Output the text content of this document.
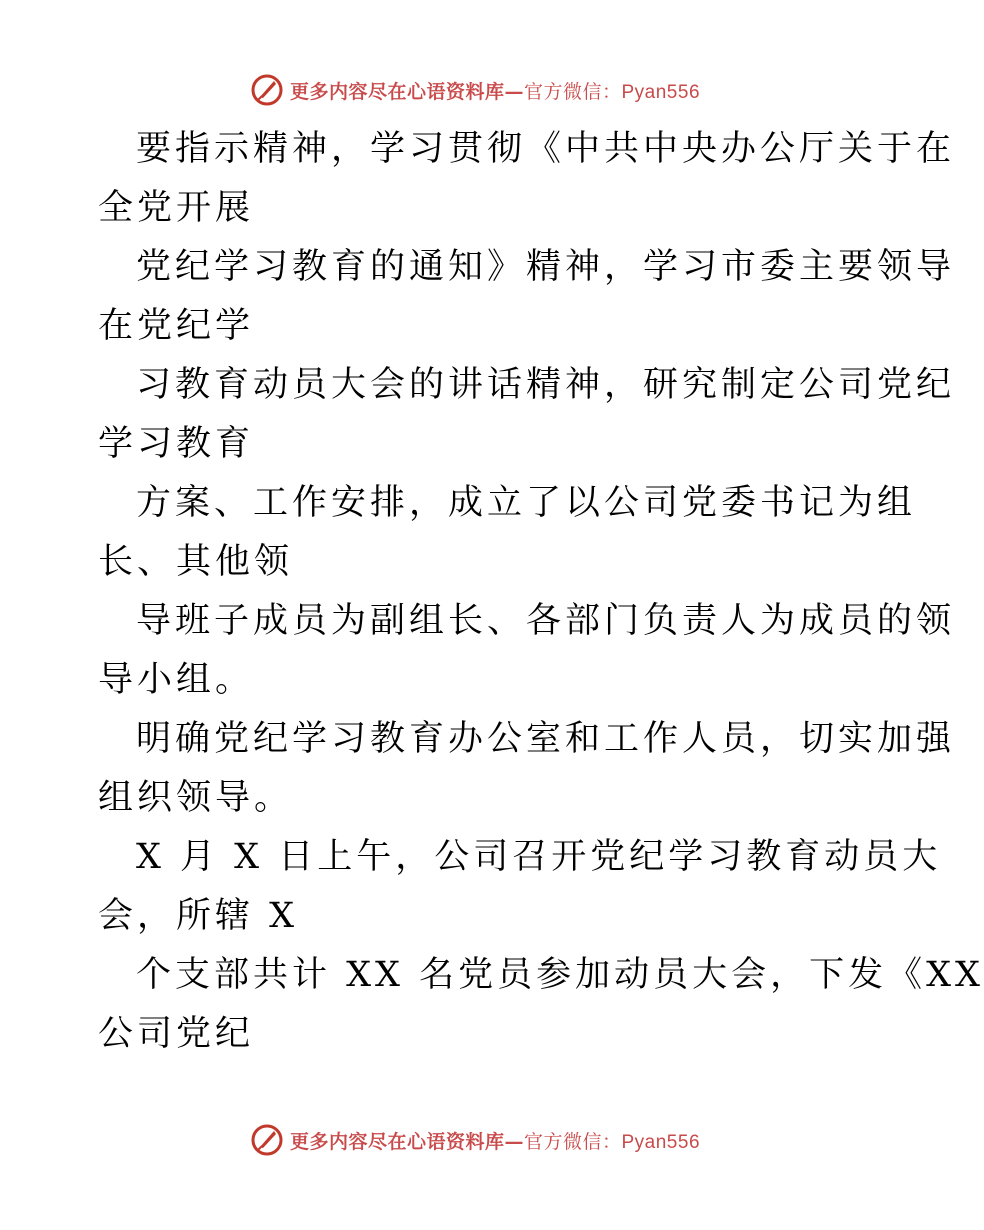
更多内容尽在心语资料库—官方微信：Pyan556
要指示精神，学习贯彻《中共中央办公厅关于在
全党开展
党纪学习教育的通知》精神，学习市委主要领导
在党纪学
习教育动员大会的讲话精神，研究制定公司党纪
学习教育
方案、工作安排，成立了以公司党委书记为组
长、其他领
导班子成员为副组长、各部门负责人为成员的领
导小组。
明确党纪学习教育办公室和工作人员，切实加强
组织领导。
X 月 X 日上午，公司召开党纪学习教育动员大
会，所辖 X
个支部共计 XX 名党员参加动员大会，下发《XX
公司党纪
更多内容尽在心语资料库—官方微信：Pyan556
